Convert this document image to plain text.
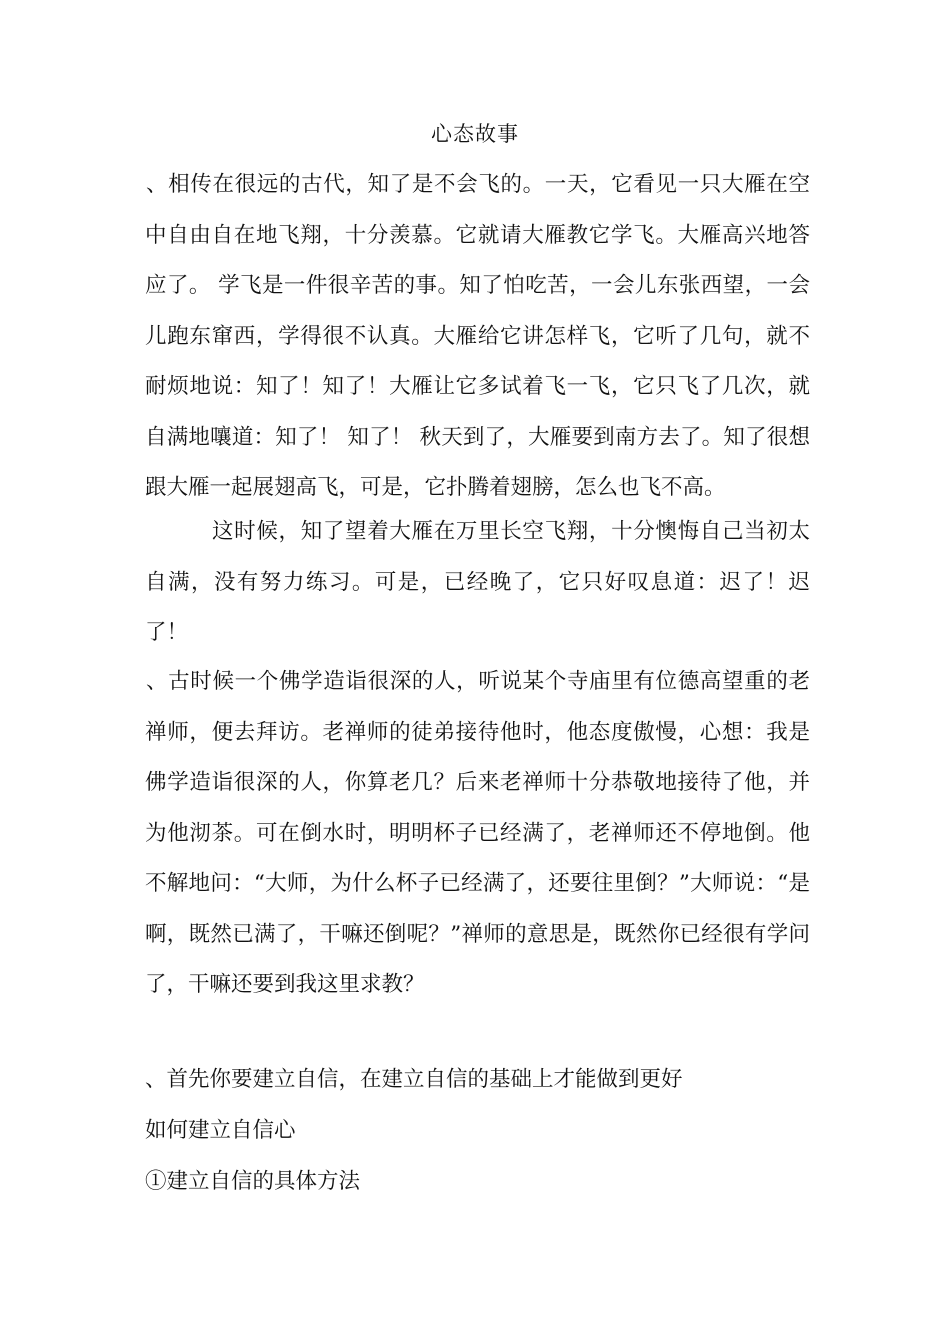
心态故事

、相传在很远的古代，知了是不会飞的。一天，它看见一只大雁在空中自由自在地飞翔，十分羡慕。它就请大雁教它学飞。大雁高兴地答应了。 学飞是一件很辛苦的事。知了怕吃苦，一会儿东张西望，一会儿跑东窜西，学得很不认真。大雁给它讲怎样飞，它听了几句，就不耐烦地说：知了！知了！大雁让它多试着飞一飞，它只飞了几次，就自满地嚷道：知了！ 知了！ 秋天到了，大雁要到南方去了。知了很想跟大雁一起展翅高飞，可是，它扑腾着翅膀，怎么也飞不高。

这时候，知了望着大雁在万里长空飞翔，十分懊悔自己当初太自满，没有努力练习。可是，已经晚了，它只好叹息道：迟了！迟了！

、古时候一个佛学造诣很深的人，听说某个寺庙里有位德高望重的老禅师，便去拜访。老禅师的徒弟接待他时，他态度傲慢，心想：我是佛学造诣很深的人，你算老几？后来老禅师十分恭敬地接待了他，并为他沏茶。可在倒水时，明明杯子已经满了，老禅师还不停地倒。他不解地问：“大师，为什么杯子已经满了，还要往里倒？”大师说：“是啊，既然已满了，干嘛还倒呢？”禅师的意思是，既然你已经很有学问了，干嘛还要到我这里求教？

、首先你要建立自信，在建立自信的基础上才能做到更好

如何建立自信心

①建立自信的具体方法
